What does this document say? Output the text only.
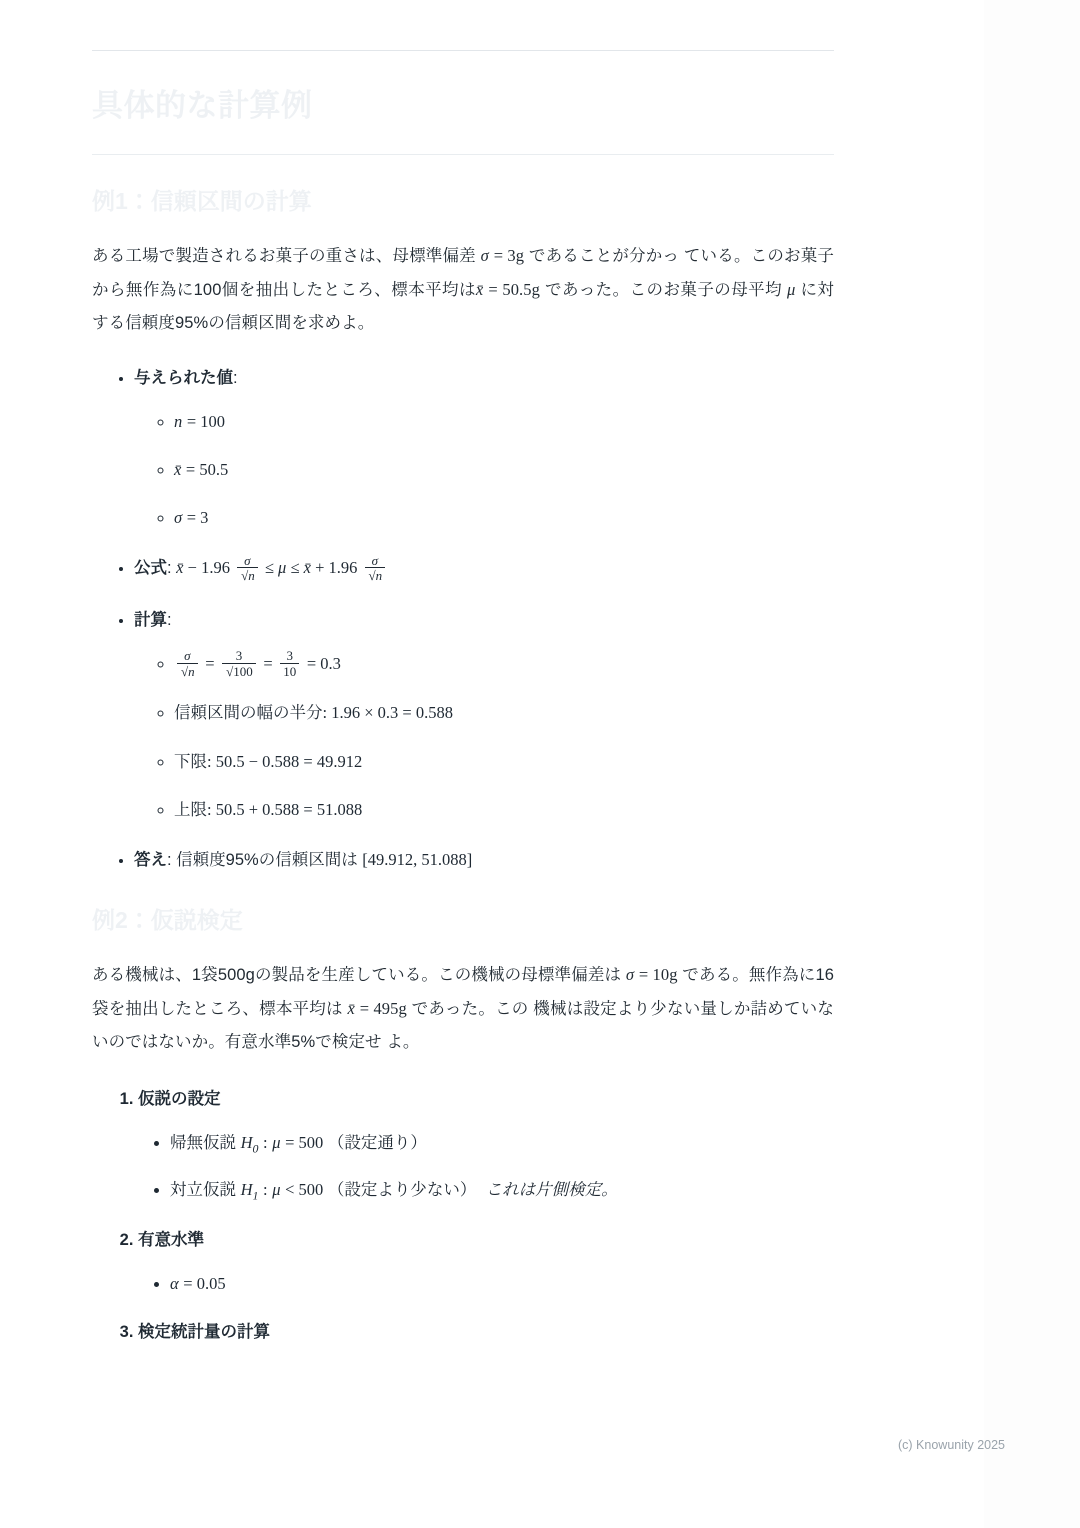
具体的な計算例
例1：信頼区間の計算

ある工場で製造されるお菓子の重さは、母標準偏差 σ = 3g であることが分かっ ている。このお菓子から無作為に100個を抽出したところ、標本平均はx̄ = 50.5g であった。このお菓子の母平均 μ に対する信頼度95%の信頼区間を求めよ。

• 与えられた値:
◦ n = 100
◦ x̄ = 50.5
◦ σ = 3
• 公式: x̄ − $1.96 \frac{\sigma}{√n} \le \mu$ ≤ x̄ + $1.96 \frac{\sigma}{√n}$
• 計算:
◦ $\frac{\sigma}{√n} = \frac{3}{√100} = \frac{3}{10} = 0.3$
◦ 信頼区間の幅の半分: 1.96 × 0.3 = 0.588
◦ 下限: 50.5 − 0.588 = 49.912
◦ 上限: 50.5 + 0.588 = 51.088
• 答え: 信頼度95%の信頼区間は [49.912, 51.088]
例2：仮説検定

ある機械は、1袋500gの製品を生産している。この機械の母標準偏差は σ = 10g である。無作為に16袋を抽出したところ、標本平均は x̄ = 495g であった。この 機械は設定より少ない量しか詰めていないのではないか。有意水準5%で検定せ よ。

1. 仮説の設定
• 帰無仮説 $H_0$ : μ = 500 （設定通り）
• 対立仮説 $H_1$ : μ < 500 （設定より少ない）  これは片側検定。
2. 有意水準
• α = 0.05
3. 検定統計量の計算
(c) Knowunity 2025
